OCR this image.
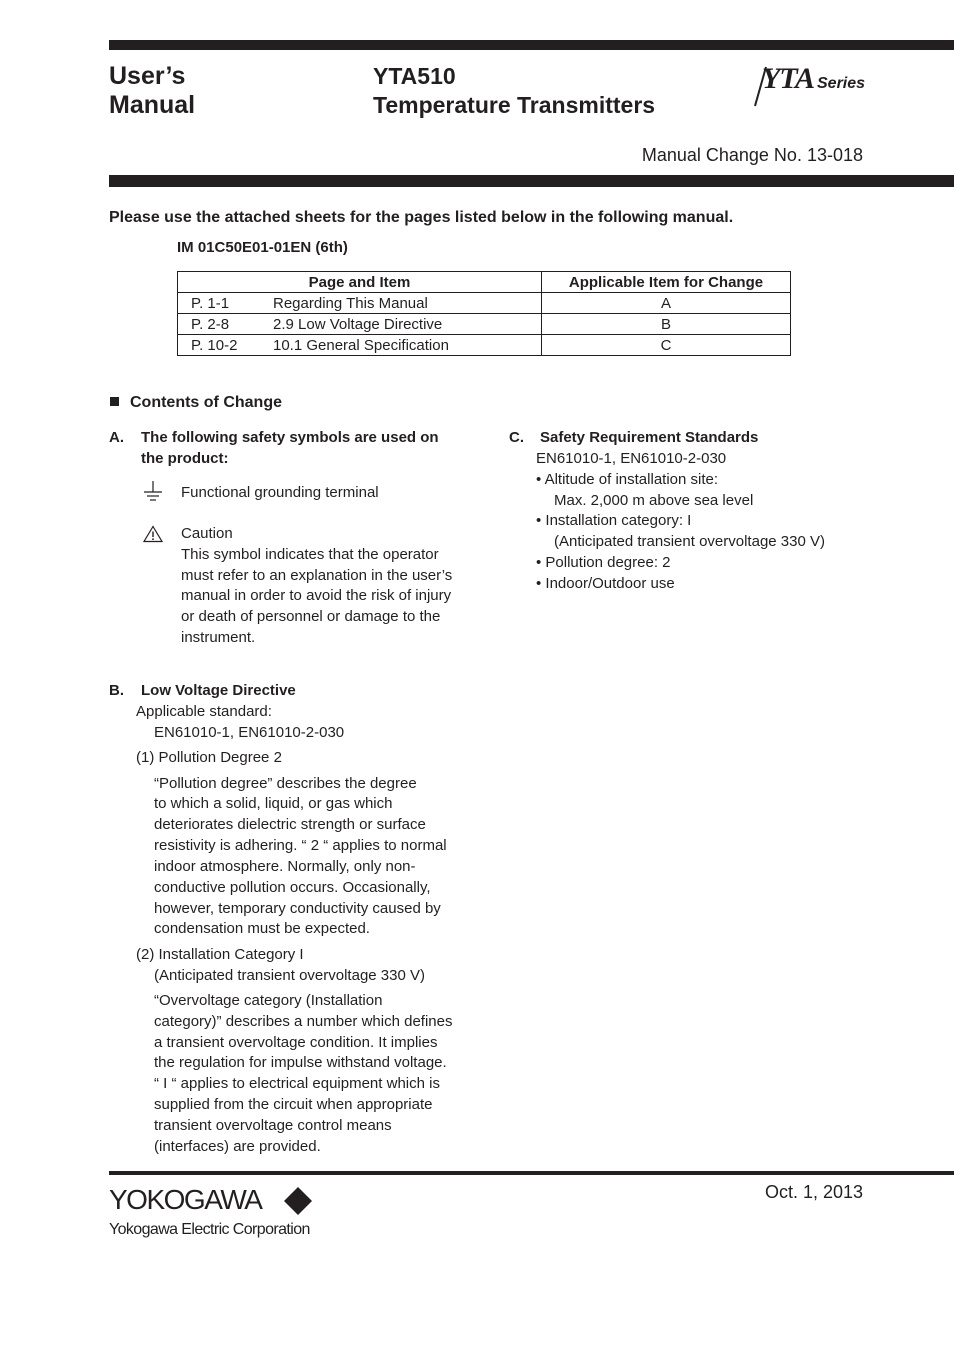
User’s
Manual
YTA510
Temperature Transmitters
YTA Series
Manual Change No. 13-018
Please use the attached sheets for the pages listed below in the following manual.
IM 01C50E01-01EN (6th)
Page and Item	Applicable Item for Change
P. 1-1 Regarding This Manual	A
P. 2-8 2.9 Low Voltage Directive	B
P. 10-2 10.1 General Specification	C
Contents of Change
A. The following safety symbols are used on
the product:
Functional grounding terminal
Caution
This symbol indicates that the operator
must refer to an explanation in the user’s
manual in order to avoid the risk of injury
or death of personnel or damage to the
instrument.
B. Low Voltage Directive
Applicable standard:
EN61010-1, EN61010-2-030
(1) Pollution Degree 2
“Pollution degree” describes the degree
to which a solid, liquid, or gas which
deteriorates dielectric strength or surface
resistivity is adhering. “ 2 “ applies to normal
indoor atmosphere. Normally, only non-
conductive pollution occurs. Occasionally,
however, temporary conductivity caused by
condensation must be expected.
(2) Installation Category I
(Anticipated transient overvoltage 330 V)
“Overvoltage category (Installation
category)” describes a number which defines
a transient overvoltage condition. It implies
the regulation for impulse withstand voltage.
“ I “ applies to electrical equipment which is
supplied from the circuit when appropriate
transient overvoltage control means
(interfaces) are provided.
C. Safety Requirement Standards
EN61010-1, EN61010-2-030
• Altitude of installation site:
Max. 2,000 m above sea level
• Installation category: I
(Anticipated transient overvoltage 330 V)
• Pollution degree: 2
• Indoor/Outdoor use
YOKOGAWA
Yokogawa Electric Corporation
Oct. 1, 2013
